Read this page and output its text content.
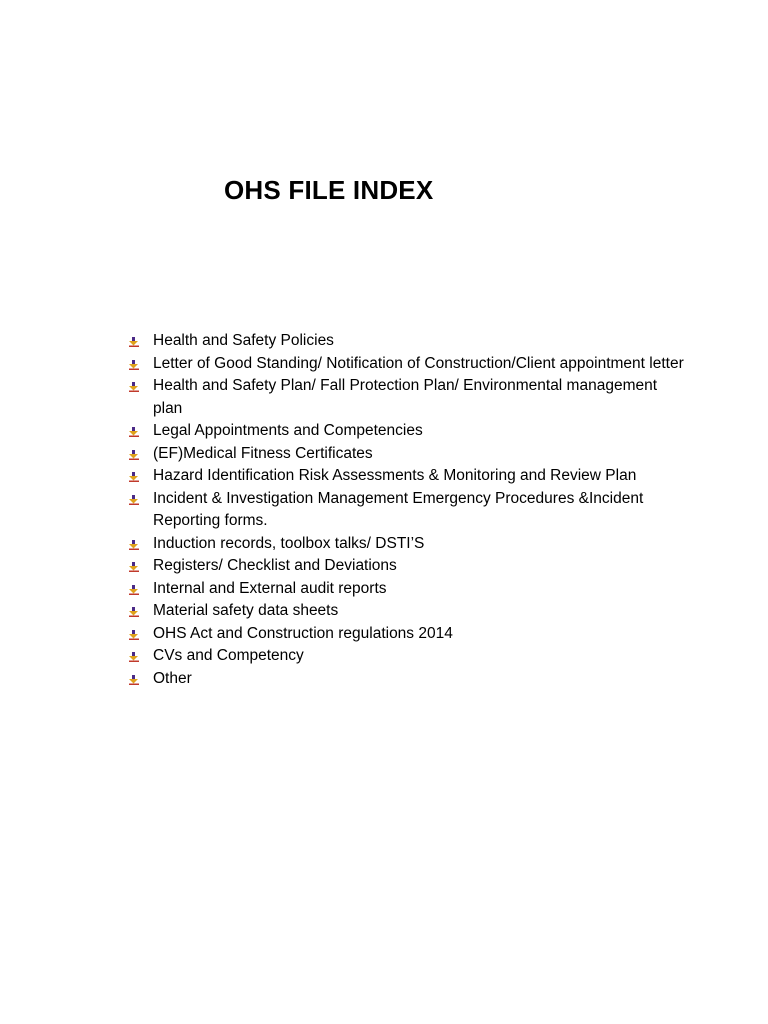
OHS FILE INDEX
Health and Safety Policies
Letter of Good Standing/ Notification of Construction/Client appointment letter
Health and Safety Plan/ Fall Protection Plan/ Environmental management plan
Legal Appointments and Competencies
(EF)Medical Fitness Certificates
Hazard Identification Risk Assessments & Monitoring and Review Plan
Incident & Investigation Management Emergency Procedures &Incident Reporting forms.
Induction records, toolbox talks/ DSTI’S
Registers/ Checklist and Deviations
Internal and External audit reports
Material safety data sheets
OHS Act and Construction regulations 2014
CVs and Competency
Other
